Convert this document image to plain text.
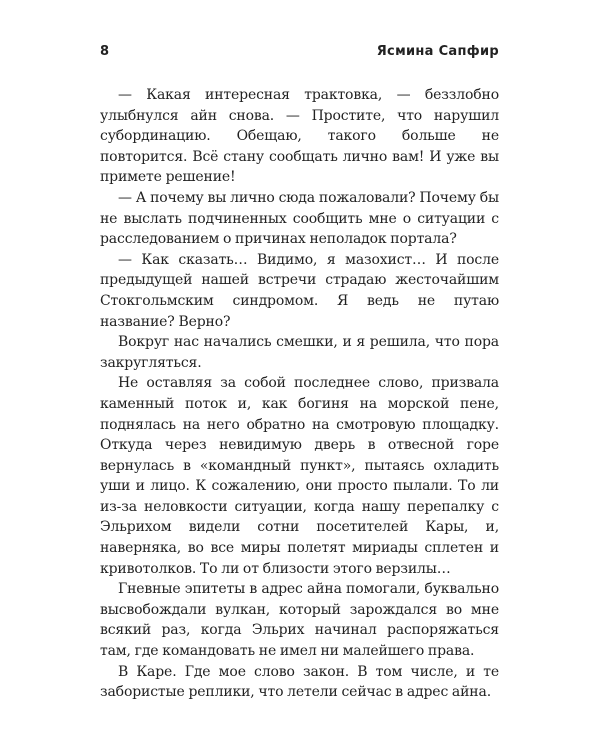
8	Ясмина Сапфир

— Какая интересная трактовка, — беззлобно улыбнулся айн снова. — Простите, что нарушил субординацию. Обещаю, такого больше не повторится. Всё стану сообщать лично вам! И уже вы примете решение!

— А почему вы лично сюда пожаловали? Почему бы не выслать подчиненных сообщить мне о ситуации с расследованием о причинах неполадок портала?

— Как сказать… Видимо, я мазохист… И после предыдущей нашей встречи страдаю жесточайшим Стокгольмским синдромом. Я ведь не путаю название? Верно?

Вокруг нас начались смешки, и я решила, что пора закругляться.

Не оставляя за собой последнее слово, призвала каменный поток и, как богиня на морской пене, поднялась на него обратно на смотровую площадку. Откуда через невидимую дверь в отвесной горе вернулась в «командный пункт», пытаясь охладить уши и лицо. К сожалению, они просто пылали. То ли из-за неловкости ситуации, когда нашу перепалку с Эльрихом видели сотни посетителей Кары, и, наверняка, во все миры полетят мириады сплетен и кривотолков. То ли от близости этого верзилы…

Гневные эпитеты в адрес айна помогали, буквально высвобождали вулкан, который зарождался во мне всякий раз, когда Эльрих начинал распоряжаться там, где командовать не имел ни малейшего права.

В Каре. Где мое слово закон. В том числе, и те забористые реплики, что летели сейчас в адрес айна.
